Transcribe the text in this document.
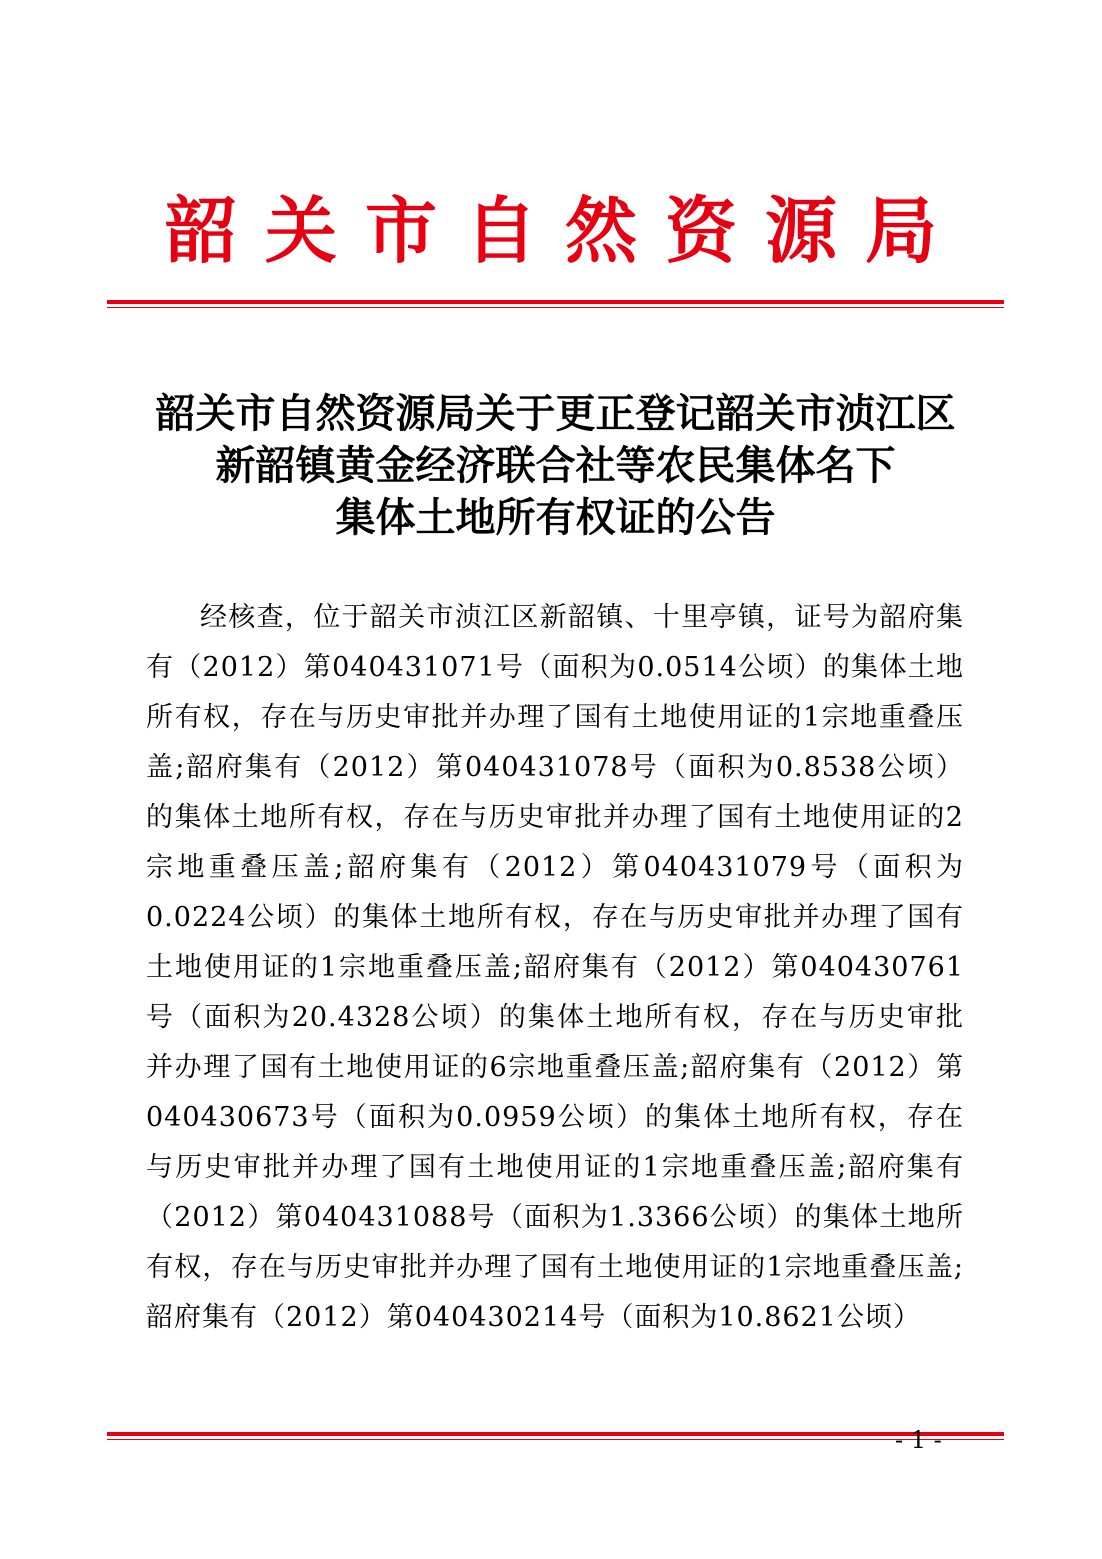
韶关市自然资源局
韶关市自然资源局关于更正登记韶关市浈江区
新韶镇黄金经济联合社等农民集体名下
集体土地所有权证的公告
经核查，位于韶关市浈江区新韶镇、十里亭镇，证号为韶府集有（2012）第040431071号（面积为0.0514公顷）的集体土地所有权，存在与历史审批并办理了国有土地使用证的1宗地重叠压盖;韶府集有（2012）第040431078号（面积为0.8538公顷）的集体土地所有权，存在与历史审批并办理了国有土地使用证的2宗地重叠压盖;韶府集有（2012）第040431079号（面积为0.0224公顷）的集体土地所有权，存在与历史审批并办理了国有土地使用证的1宗地重叠压盖;韶府集有（2012）第040430761号（面积为20.4328公顷）的集体土地所有权，存在与历史审批并办理了国有土地使用证的6宗地重叠压盖;韶府集有（2012）第040430673号（面积为0.0959公顷）的集体土地所有权，存在与历史审批并办理了国有土地使用证的1宗地重叠压盖;韶府集有（2012）第040431088号（面积为1.3366公顷）的集体土地所有权，存在与历史审批并办理了国有土地使用证的1宗地重叠压盖;韶府集有（2012）第040430214号（面积为10.8621公顷）
- 1 -
